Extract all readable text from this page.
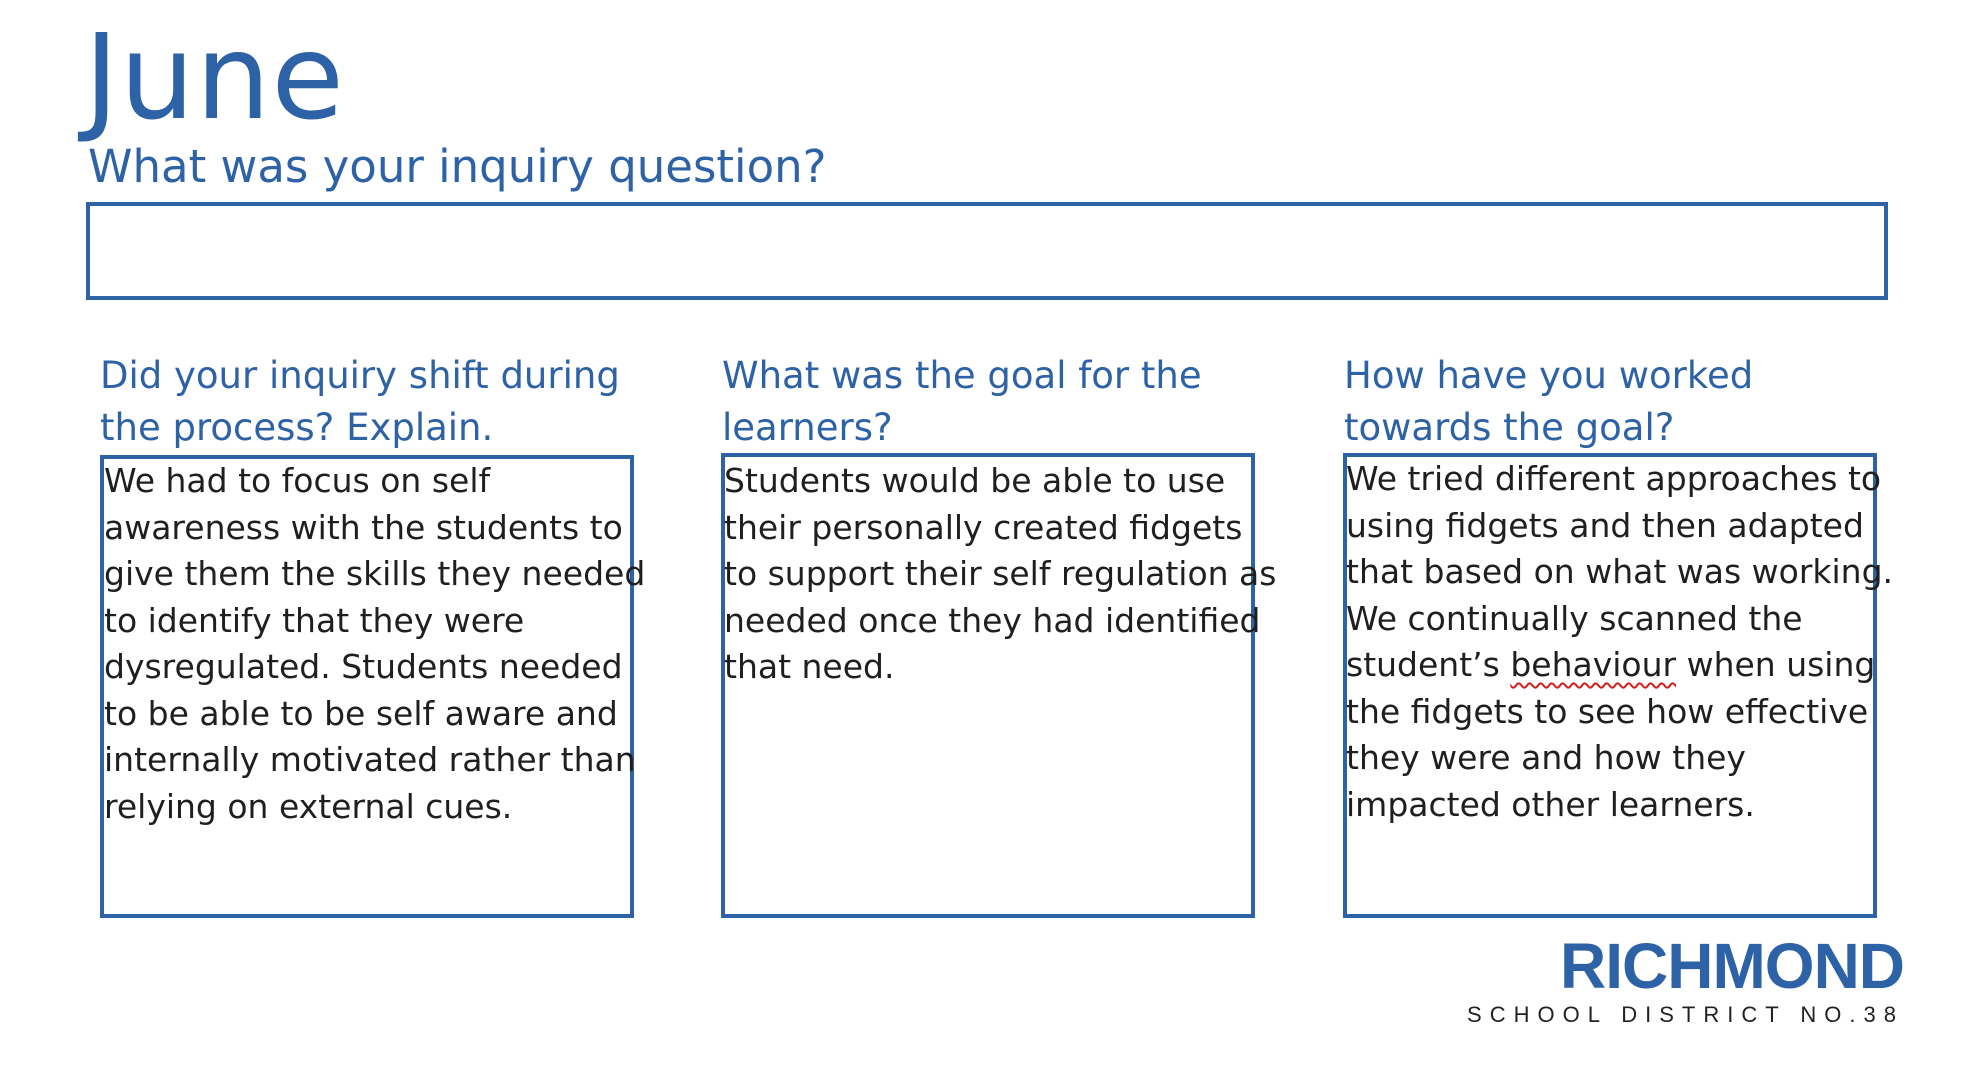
June
What was your inquiry question?
Did your inquiry shift during
the process? Explain.
We had to focus on self
awareness with the students to
give them the skills they needed
to identify that they were
dysregulated. Students needed
to be able to be self aware and
internally motivated rather than
relying on external cues.
What was the goal for the
learners?
Students would be able to use
their personally created fidgets
to support their self regulation as
needed once they had identified
that need.
How have you worked
towards the goal?
We tried different approaches to
using fidgets and then adapted
that based on what was working.
We continually scanned the
student’s behaviour when using
the fidgets to see how effective
they were and how they
impacted other learners.
RICHMOND
SCHOOL DISTRICT NO.38
